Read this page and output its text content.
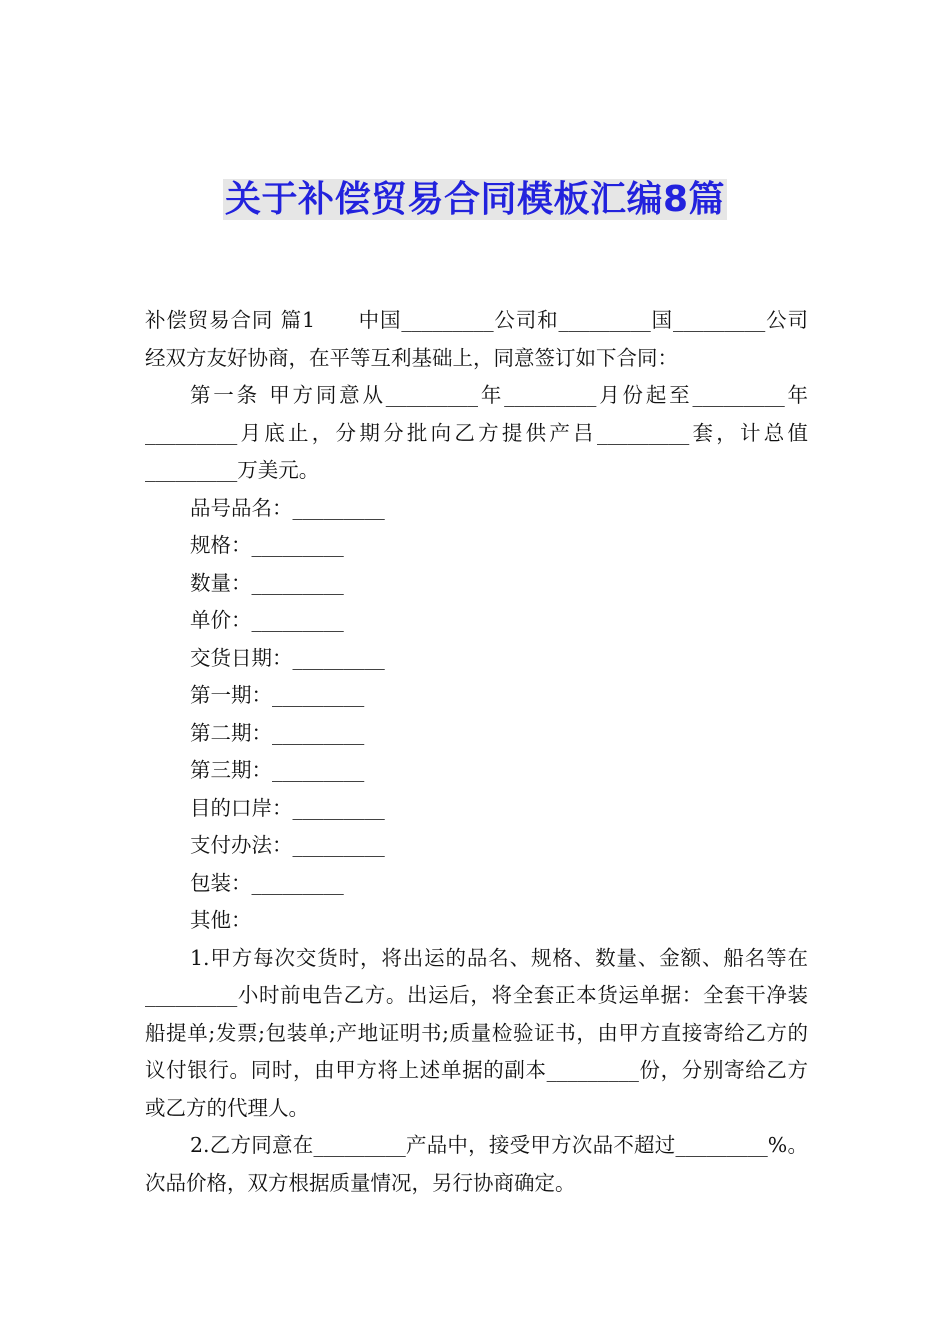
关于补偿贸易合同模板汇编8篇

补偿贸易合同 篇1　　中国_________公司和_________国_________公司经双方友好协商，在平等互利基础上，同意签订如下合同：

第一条 甲方同意从_________年_________月份起至_________年_________月底止，分期分批向乙方提供产吕_________套，计总值_________万美元。

品号品名：_________

规格：_________

数量：_________

单价：_________

交货日期：_________

第一期：_________

第二期：_________

第三期：_________

目的口岸：_________

支付办法：_________

包装：_________

其他：

1.甲方每次交货时，将出运的品名、规格、数量、金额、船名等在_________小时前电告乙方。出运后，将全套正本货运单据：全套干净装船提单;发票;包装单;产地证明书;质量检验证书，由甲方直接寄给乙方的议付银行。同时，由甲方将上述单据的副本_________份，分别寄给乙方或乙方的代理人。

2.乙方同意在_________产品中，接受甲方次品不超过_________%。次品价格，双方根据质量情况，另行协商确定。
